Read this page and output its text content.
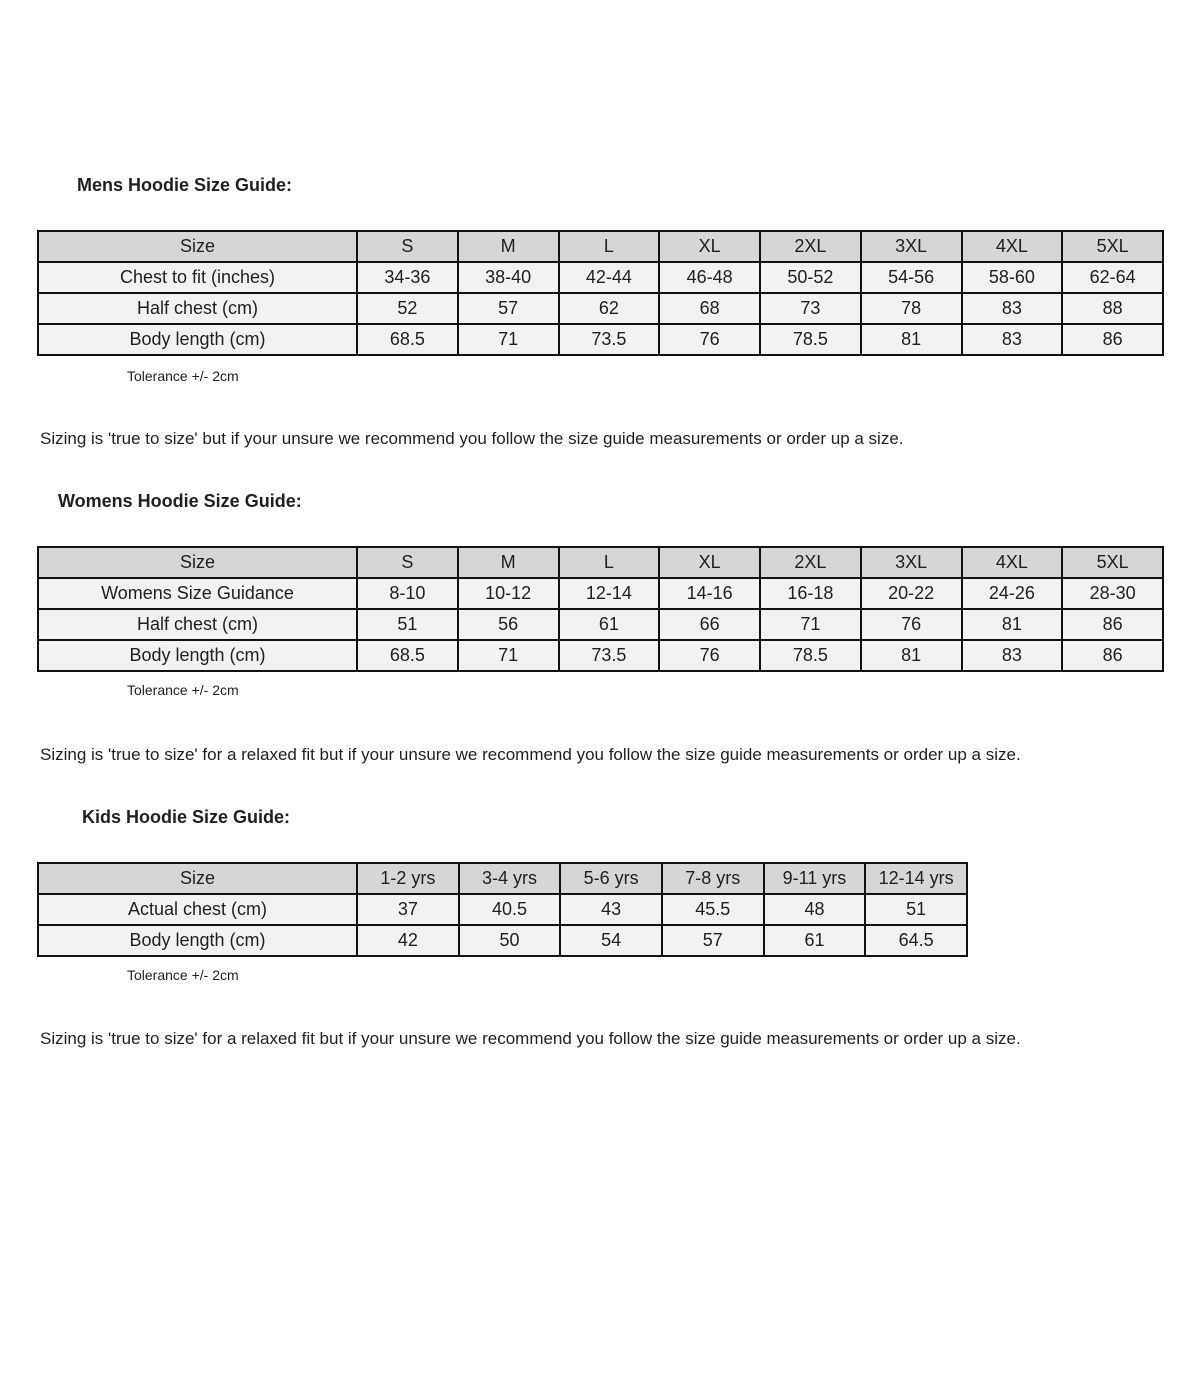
Mens Hoodie Size Guide:
Size	S	M	L	XL	2XL	3XL	4XL	5XL
Chest to fit (inches)	34-36	38-40	42-44	46-48	50-52	54-56	58-60	62-64
Half chest (cm)	52	57	62	68	73	78	83	88
Body length (cm)	68.5	71	73.5	76	78.5	81	83	86
Tolerance +/- 2cm

Sizing is 'true to size' but if your unsure we recommend you follow the size guide measurements or order up a size.

Womens Hoodie Size Guide:
Size	S	M	L	XL	2XL	3XL	4XL	5XL
Womens Size Guidance	8-10	10-12	12-14	14-16	16-18	20-22	24-26	28-30
Half chest (cm)	51	56	61	66	71	76	81	86
Body length (cm)	68.5	71	73.5	76	78.5	81	83	86
Tolerance +/- 2cm

Sizing is 'true to size' for a relaxed fit but if your unsure we recommend you follow the size guide measurements or order up a size.

Kids Hoodie Size Guide:
Size	1-2 yrs	3-4 yrs	5-6 yrs	7-8 yrs	9-11 yrs	12-14 yrs
Actual chest (cm)	37	40.5	43	45.5	48	51
Body length (cm)	42	50	54	57	61	64.5
Tolerance +/- 2cm

Sizing is 'true to size' for a relaxed fit but if your unsure we recommend you follow the size guide measurements or order up a size.
